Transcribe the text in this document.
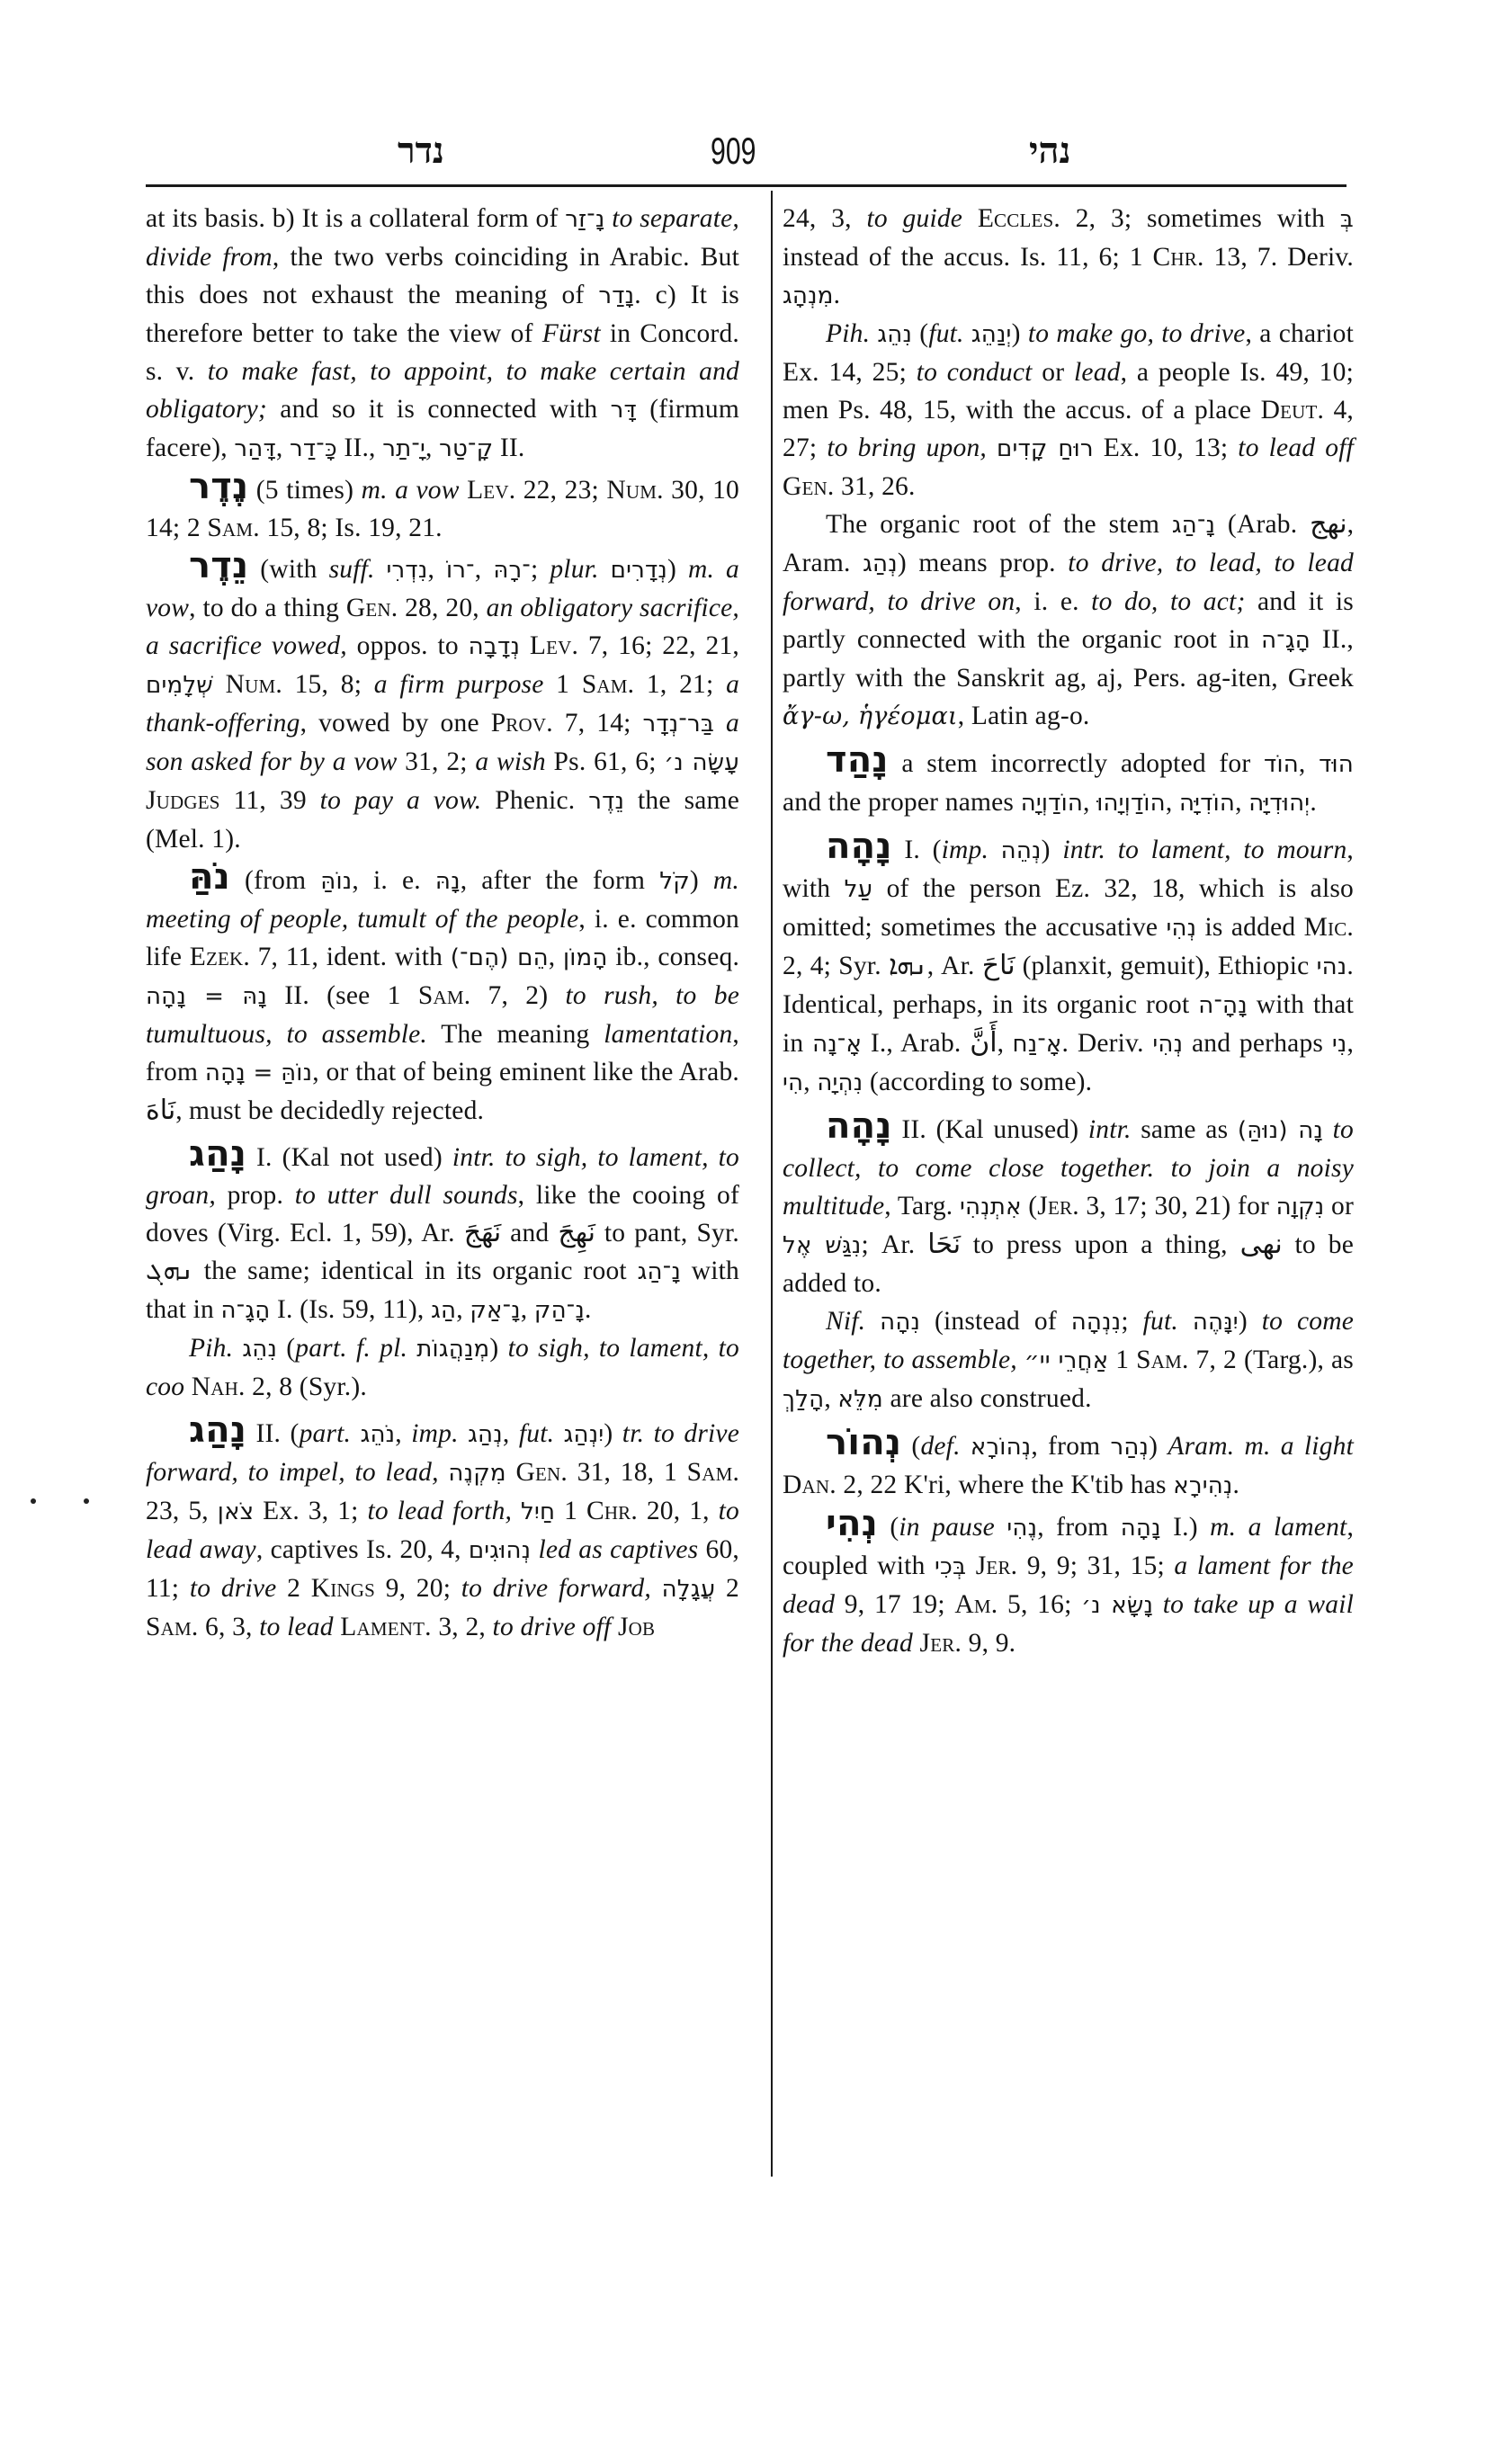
נדר	909	נהי

at its basis. b) It is a collateral form of נָ־זַר to separate, divide from, the two verbs coinciding in Arabic. But this does not exhaust the meaning of נָדַר. c) It is therefore better to take the view of Fürst in Concord. s. v. to make fast, to appoint, to make certain and obligatory; and so it is connected with דָּר (firmum facere), דָּהַר, כָּ־דַר II., יָ־תַר, קָ־טַר II.

נֶדֶר (5 times) m. a vow Lev. 22, 23; Num. 30, 10 14; 2 Sam. 15, 8; Is. 19, 21.

נֵדֶר (with suff. נִדְרִי, ־רוֹ, ־רָהּ; plur. נְדָרִים) m. a vow, to do a thing Gen. 28, 20, an obligatory sacrifice, a sacrifice vowed, oppos. to נְדָבָה Lev. 7, 16; 22, 21, שְׁלָמִים Num. 15, 8; a firm purpose 1 Sam. 1, 21; a thank-offering, vowed by one Prov. 7, 14; בַּר־נְדָר a son asked for by a vow 31, 2; a wish Ps. 61, 6; עָשָׂה נ׳ Judges 11, 39 to pay a vow. Phenic. נֵדֶר the same (Mel. 1).

נֹהַּ (from נוֹהַּ, i. e. נָהּ, after the form קֹל) m. meeting of people, tumult of the people, i. e. common life Ezek. 7, 11, ident. with הֵם (הֶם־), הָמוֹן ib., conseq. נָהּ = נָהָה II. (see 1 Sam. 7, 2) to rush, to be tumultuous, to assemble. The meaning lamentation, from נוֹהַּ = נָהָה, or that of being eminent like the Arab. نَاهَ, must be decidedly rejected.

נָהַג I. (Kal not used) intr. to sigh, to lament, to groan, prop. to utter dull sounds, like the cooing of doves (Virg. Ecl. 1, 59), Ar. نَهَجَ and نَهِجَ to pant, Syr. ܢܗܓ the same; identical in its organic root נָ־הַג with that in הָגָ־ה I. (Is. 59, 11), הַג, נָ־אַק, נָ־הַק.

Pih. נִהֵג (part. f. pl. מְנַהֲגוֹת) to sigh, to lament, to coo Nah. 2, 8 (Syr.).

נָהַג II. (part. נֹהֵג, imp. נְהַג, fut. יִנְהַג) tr. to drive forward, to impel, to lead, מִקְנֶה Gen. 31, 18, 1 Sam. 23, 5, צֹאן Ex. 3, 1; to lead forth, חַיִל 1 Chr. 20, 1, to lead away, captives Is. 20, 4, נְהוּגִים led as captives 60, 11; to drive 2 Kings 9, 20; to drive forward, עֲגָלָה 2 Sam. 6, 3, to lead Lament. 3, 2, to drive off Job

24, 3, to guide Eccles. 2, 3; sometimes with בְּ instead of the accus. Is. 11, 6; 1 Chr. 13, 7. Deriv. מִנְהָג.

Pih. נִהֵג (fut. יְנַהֵג) to make go, to drive, a chariot Ex. 14, 25; to conduct or lead, a people Is. 49, 10; men Ps. 48, 15, with the accus. of a place Deut. 4, 27; to bring upon, רוּחַ קָדִים Ex. 10, 13; to lead off Gen. 31, 26.

The organic root of the stem נָ־הַג (Arab. نهج, Aram. נְהַג) means prop. to drive, to lead, to lead forward, to drive on, i. e. to do, to act; and it is partly connected with the organic root in הָגָ־ה II., partly with the Sanskrit ag, aj, Pers. ag-iten, Greek ἄγ-ω, ἡγέομαι, Latin ag-o.

נָהַד a stem incorrectly adopted for הוֹד, הוּד and the proper names הוֹדַוְיָה, הוֹדַוְיָהוּ, הוֹדִיָּה, יְהוּדִיָּה.

נָהָה I. (imp. נְהֵה) intr. to lament, to mourn, with עַל of the person Ez. 32, 18, which is also omitted; sometimes the accusative נְהִי is added Mic. 2, 4; Syr. ܢܗܐ, Ar. نَاحَ (planxit, gemuit), Ethiopic נהי. Identical, perhaps, in its organic root נָהָ־ה with that in אָ־נָה I., Arab. أَنَّ, אָ־נַח. Deriv. נְהִי and perhaps נִי, הִי, נִהְיָה (according to some).

נָהָה II. (Kal unused) intr. same as נָה (נוּהַּ) to collect, to come close together. to join a noisy multitude, Targ. אִתְנְהִי (Jer. 3, 17; 30, 21) for נִקְוָה or נִגַּשׁ אֶל; Ar. نَحَا to press upon a thing, نهى to be added to.

Nif. נִהָה (instead of נִנְהָה; fut. יִנָּהֶה) to come together, to assemble, אַחֲרֵי יי״ 1 Sam. 7, 2 (Targ.), as הָלַךְ, מִלֵּא are also construed.

נְהוֹר (def. נְהוֹרָא, from נְהַר) Aram. m. a light Dan. 2, 22 K'ri, where the K'tib has נְהִירָא.

נְהִי (in pause נֶהִי, from נָהָה I.) m. a lament, coupled with בְּכִי Jer. 9, 9; 31, 15; a lament for the dead 9, 17 19; Am. 5, 16; נָשָׂא נ׳ to take up a wail for the dead Jer. 9, 9.
